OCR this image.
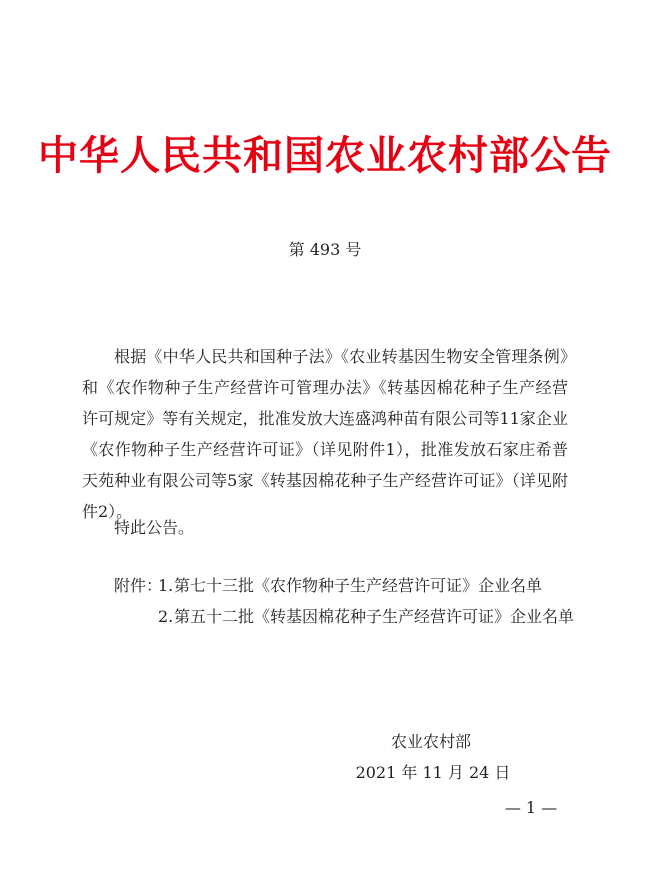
中华人民共和国农业农村部公告
第 493 号

根据《中华人民共和国种子法》《农业转基因生物安全管理条例》和《农作物种子生产经营许可管理办法》《转基因棉花种子生产经营许可规定》等有关规定，批准发放大连盛鸿种苗有限公司等11家企业《农作物种子生产经营许可证》（详见附件1），批准发放石家庄希普天苑种业有限公司等5家《转基因棉花种子生产经营许可证》（详见附件2）。

特此公告。

附件：
1. 第七十三批《农作物种子生产经营许可证》企业名单
2. 第五十二批《转基因棉花种子生产经营许可证》企业名单
农业农村部
2021 年 11 月 24 日
— 1 —
